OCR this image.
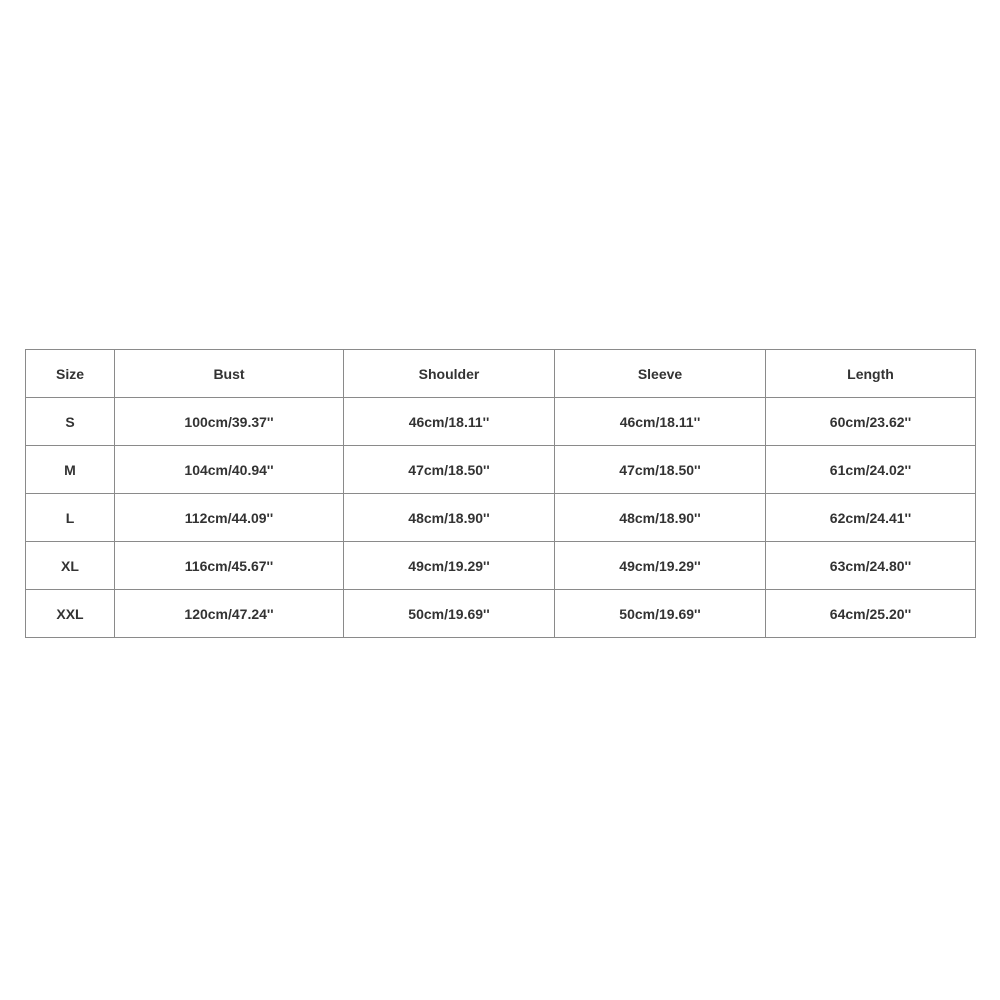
Size	Bust	Shoulder	Sleeve	Length
S	100cm/39.37''	46cm/18.11''	46cm/18.11''	60cm/23.62''
M	104cm/40.94''	47cm/18.50''	47cm/18.50''	61cm/24.02''
L	112cm/44.09''	48cm/18.90''	48cm/18.90''	62cm/24.41''
XL	116cm/45.67''	49cm/19.29''	49cm/19.29''	63cm/24.80''
XXL	120cm/47.24''	50cm/19.69''	50cm/19.69''	64cm/25.20''
